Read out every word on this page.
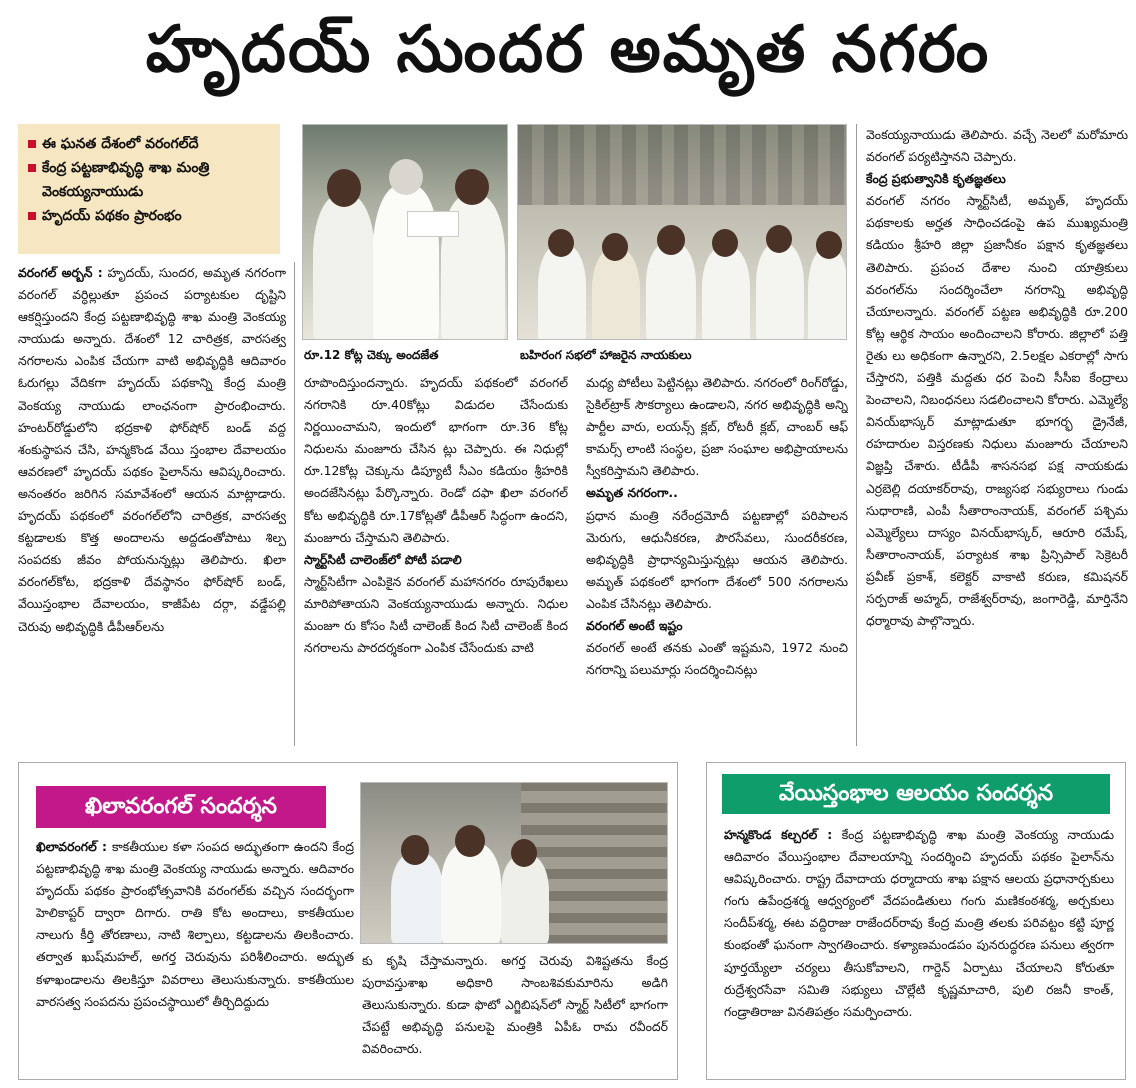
హృదయ్‌ సుందర అమృత నగరం
ఈ ఘనత దేశంలో వరంగల్‌దే
కేంద్ర పట్టణాభివృద్ధి శాఖ మంత్రి వెంకయ్యనాయుడు
హృదయ్‌ పథకం ప్రారంభం
రూ.12 కోట్ల చెక్కు అందజేత	బహిరంగ సభలో హాజరైన నాయకులు

వరంగల్‌ అర్బన్‌ : హృదయ్‌, సుందర, అమృత నగరంగా వరంగల్‌ వర్ధిల్లుతూ ప్రపంచ పర్యాటకుల దృష్టిని ఆకర్షిస్తుందని కేంద్ర పట్టణాభివృద్ధి శాఖ మంత్రి వెంకయ్య నాయుడు అన్నారు. దేశంలో 12 చారిత్రక, వారసత్వ నగరాలను ఎంపిక చేయగా వాటి అభివృద్ధికి ఆదివారం ఓరుగల్లు వేదికగా హృదయ్‌ పథకాన్ని కేంద్ర మంత్రి వెంకయ్య నాయుడు లాంఛనంగా ప్రారంభించారు. హంటర్‌రోడ్డులోని భద్రకాళి ఫోర్‌షోర్‌ బండ్‌ వద్ద శంకుస్థాపన చేసి, హన్మకొండ వేయి స్తంభాల దేవాలయం ఆవరణలో హృదయ్‌ పథకం పైలాన్‌ను ఆవిష్కరించారు. అనంతరం జరిగిన సమావేశంలో ఆయన మాట్లాడారు. హృదయ్‌ పథకంలో వరంగల్‌లోని చారిత్రక, వారసత్వ కట్టడాలకు కొత్త అందాలను అద్దడంతోపాటు శిల్ప సంపదకు జీవం పోయనున్నట్లు తెలిపారు. ఖిలా వరంగల్‌కోట, భద్రకాళి దేవస్థానం ఫోర్‌షోర్‌ బండ్‌, వేయిస్తంభాల దేవాలయం, కాజీపేట దర్గా, వడ్డేపల్లి చెరువు అభివృద్ధికి డీపీఆర్‌లను

రూపొందిస్తుందన్నారు. హృదయ్‌ పథకంలో వరంగల్‌ నగరానికి రూ.40కోట్లు విడుదల చేసేందుకు నిర్ణయించామని, ఇందులో భాగంగా రూ.36 కోట్ల నిధులను మంజూరు చేసిన ట్లు చెప్పారు. ఈ నిధుల్లో రూ.12కోట్ల చెక్కును డిప్యూటీ సీఎం కడియం శ్రీహరికి అందజేసినట్లు పేర్కొన్నారు. రెండో దఫా ఖిలా వరంగల్‌ కోట అభివృద్ధికి రూ.17కోట్లతో డీపీఆర్‌ సిద్ధంగా ఉందని, మంజూరు చేస్తామని తెలిపారు.

స్మార్ట్‌సిటీ చాలెంజ్‌లో పోటీ పడాలి

స్మార్ట్‌సిటీగా ఎంపికైన వరంగల్‌ మహానగరం రూపురేఖలు మారిపోతాయని వెంకయ్యనాయుడు అన్నారు. నిధుల మంజూ రు కోసం సిటీ చాలెంజ్‌ కింద సిటీ చాలెంజ్‌ కింద నగరాలను పారదర్శకంగా ఎంపిక చేసేందుకు వాటి

మధ్య పోటీలు పెట్టినట్లు తెలిపారు. నగరంలో రింగ్‌రోడ్డు, సైకిల్‌ట్రాక్‌ సౌకర్యాలు ఉండాలని, నగర అభివృద్ధికి అన్ని పార్టీల వారు, లయన్స్‌ క్లబ్‌, రోటరీ క్లబ్‌, చాంబర్‌ ఆఫ్‌ కామర్స్‌ లాంటి సంస్థల, ప్రజా సంఘాల అభిప్రాయాలను స్వీకరిస్తామని తెలిపారు.

అమృత నగరంగా..

ప్రధాన మంత్రి నరేంద్రమోదీ పట్టణాల్లో పరిపాలన మెరుగు, ఆధునీకరణ, పౌరసేవలు, సుందరీకరణ, అభివృద్ధికి ప్రాధాన్యమిస్తున్నట్లు ఆయన తెలిపారు. అమృత్‌ పథకంలో భాగంగా దేశంలో 500 నగరాలను ఎంపిక చేసినట్లు తెలిపారు.

వరంగల్‌ అంటే ఇష్టం

వరంగల్‌ అంటే తనకు ఎంతో ఇష్టమని, 1972 నుంచి నగరాన్ని పలుమార్లు సందర్శించినట్లు

వెంకయ్యనాయుడు తెలిపారు. వచ్చే నెలలో మరోమారు వరంగల్‌ పర్యటిస్తానని చెప్పారు.

కేంద్ర ప్రభుత్వానికి కృతజ్ఞతలు

వరంగల్‌ నగరం స్మార్ట్‌సిటీ, అమృత్‌, హృదయ్‌ పథకాలకు అర్హత సాధించడంపై ఉప ముఖ్యమంత్రి కడియం శ్రీహరి జిల్లా ప్రజానీకం పక్షాన కృతజ్ఞతలు తెలిపారు. ప్రపంచ దేశాల నుంచి యాత్రికులు వరంగల్‌ను సందర్శించేలా నగరాన్ని అభివృద్ధి చేయాలన్నారు. వరంగల్‌ పట్టణ అభివృద్ధికి రూ.200 కోట్ల ఆర్థిక సాయం అందించాలని కోరారు. జిల్లాలో పత్తి రైతు లు అధికంగా ఉన్నారని, 2.5లక్షల ఎకరాల్లో సాగు చేస్తారని, పత్తికి మద్దతు ధర పెంచి సీసీఐ కేంద్రాలు పెంచాలని, నిబంధనలు సడలించాలని కోరారు. ఎమ్మెల్యే వినయ్‌భాస్కర్‌ మాట్లాడుతూ భూగర్భ డ్రైనేజీ, రహదారుల విస్తరణకు నిధులు మంజూరు చేయాలని విజ్ఞప్తి చేశారు. టీడీపీ శాసనసభ పక్ష నాయకుడు ఎర్రబెల్లి దయాకర్‌రావు, రాజ్యసభ సభ్యురాలు గుండు సుధారాణి, ఎంపీ సీతారాంనాయక్‌, వరంగల్‌ పశ్చిమ ఎమ్మెల్యేలు దాస్యం వినయ్‌భాస్కర్‌, ఆరూరి రమేష్‌, సీతారాంనాయక్‌, పర్యాటక శాఖ ప్రిన్సిపాల్‌ సెక్రెటరీ ప్రవీణ్‌ ప్రకాశ్‌, కలెక్టర్‌ వాకాటి కరుణ, కమిషనర్‌ సర్పరాజ్‌ అహ్మద్‌, రాజేశ్వర్‌రావు, జంగారెడ్డి, మార్తినేని ధర్మారావు పాల్గొన్నారు.

ఖిలావరంగల్‌ సందర్శన

ఖిలావరంగల్‌ : కాకతీయుల కళా సంపద అద్భుతంగా ఉందని కేంద్ర పట్టణాభివృద్ధి శాఖ మంత్రి వెంకయ్య నాయుడు అన్నారు. ఆదివారం హృదయ్‌ పథకం ప్రారంభోత్సవానికి వరంగల్‌కు వచ్చిన సందర్భంగా హెలికాప్టర్‌ ద్వారా దిగారు. రాతి కోట అందాలు, కాకతీయుల నాలుగు కీర్తి తోరణాలు, నాటి శిల్పాలు, కట్టడాలను తిలకించారు. తర్వాత ఖుష్‌మహల్‌, అగర్త చెరువును పరిశీలించారు. అద్భుత కళాఖండాలను తిలకిస్తూ వివరాలు తెలుసుకున్నారు. కాకతీయుల వారసత్వ సంపదను ప్రపంచస్థాయిలో తీర్చిదిద్దుదు

కు కృషి చేస్తామన్నారు. అగర్త చెరువు విశిష్టతను కేంద్ర పురావస్తుశాఖ అధికారి సాంబశివకుమారిను అడిగి తెలుసుకున్నారు. కుడా ఫొటో ఎగ్జిబిషన్‌లో స్మార్ట్‌ సిటీలో భాగంగా చేపట్టే అభివృద్ధి పనులపై మంత్రికి ఏపీఓ రామ రవీందర్‌ వివరించారు.

వేయిస్తంభాల ఆలయం సందర్శన

హన్మకొండ కల్చరల్‌ : కేంద్ర పట్టణాభివృద్ధి శాఖ మంత్రి వెంకయ్య నాయుడు ఆదివారం వేయిస్తంభాల దేవాలయాన్ని సందర్శించి హృదయ్‌ పథకం పైలాన్‌ను ఆవిష్కరించారు. రాష్ట్ర దేవాదాయ ధర్మాదాయ శాఖ పక్షాన ఆలయ ప్రధానార్చకులు గంగు ఉపేంద్రశర్మ ఆధ్వర్యంలో వేదపండితులు గంగు మణికంఠశర్మ, అర్చకులు సందీప్‌శర్మ, ఈట వద్దిరాజు రాజేందర్‌రావు కేంద్ర మంత్రి తలకు పరివట్టం కట్టి పూర్ణ కుంభంతో ఘనంగా స్వాగతించారు. కళ్యాణమండపం పునరుద్ధరణ పనులు త్వరగా పూర్తయ్యేలా చర్యలు తీసుకోవాలని, గార్డెన్‌ ఏర్పాటు చేయాలని కోరుతూ రుద్రేశ్వరసేవా సమితి సభ్యులు చొల్లేటి కృష్ణమాచారి, పులి రజనీ కాంత్‌, గండ్రాతిరాజు వినతిపత్రం సమర్పించారు.
